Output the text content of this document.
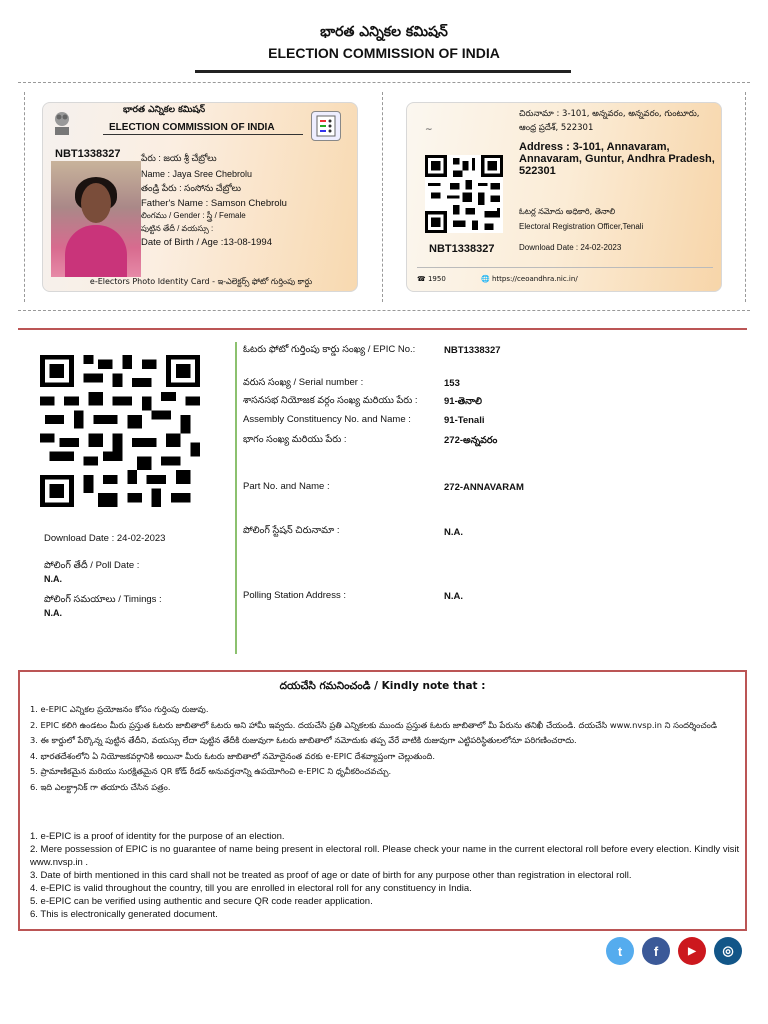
భారత ఎన్నికల కమిషన్
ELECTION COMMISSION OF INDIA
భారత ఎన్నికల కమిషన్
ELECTION COMMISSION OF INDIA
NBT1338327 పేరు : జయ శ్రీ చేబ్రోలు
Name : Jaya Sree Chebrolu
తండ్రి పేరు : సంసోను చేబ్రోలు
Father's Name : Samson Chebrolu
లింగము / Gender : స్త్రీ / Female
పుట్టిన తేదీ / వయస్సు :
Date of Birth / Age :13-08-1994
e-Electors Photo Identity Card - ఇ-ఎలెక్టర్స్ ఫోటో గుర్తింపు కార్డు
~
చిరునామా : 3-101, అన్నవరం, అన్నవరం, గుంటూరు, ఆంధ్ర ప్రదేశ్, 522301
Address : 3-101, Annavaram, Annavaram, Guntur, Andhra Pradesh, 522301
ఓటర్ల నమోదు అధికారి, తెనాలి
Electoral Registration Officer,Tenali
Download Date : 24-02-2023
NBT1338327
☎ 1950	🌐 https://ceoandhra.nic.in/
Download Date : 24-02-2023
పోలింగ్ తేదీ / Poll Date :
N.A.
పోలింగ్ సమయాలు / Timings :
N.A.
ఓటరు ఫోటో గుర్తింపు కార్డు సంఖ్య / EPIC No.:	NBT1338327
వరుస సంఖ్య / Serial number :	153
శాసనసభ నియోజక వర్గం సంఖ్య మరియు పేరు :	91-తెనాలి
Assembly Constituency No. and Name :	91-Tenali
భాగం సంఖ్య మరియు పేరు :	272-అన్నవరం
Part No. and Name :	272-ANNAVARAM
పోలింగ్ స్టేషన్ చిరునామా :	N.A.
Polling Station Address :	N.A.
దయచేసి గమనించండి / Kindly note that :
1. e-EPIC ఎన్నికల ప్రయోజనం కోసం గుర్తింపు రుజువు.
2. EPIC కలిగి ఉండటం మీరు ప్రస్తుత ఓటరు జాబితాలో ఓటరు అని హామీ ఇవ్వదు. దయచేసి ప్రతి ఎన్నికలకు ముందు ప్రస్తుత ఓటరు జాబితాలో మీ పేరును తనిఖీ చేయండి. దయచేసి www.nvsp.in ని సందర్శించండి
3. ఈ కార్డులో పేర్కొన్న పుట్టిన తేదీని, వయస్సు లేదా పుట్టిన తేదీకి రుజువుగా ఓటరు జాబితాలో నమోదుకు తప్ప వేరే వాటికి రుజువుగా ఎట్టిపరిస్థితులలోనూ పరిగణించరాదు.
4. భారతదేశంలోని ఏ నియోజకవర్గానికి అయినా మీరు ఓటరు జాబితాలో నమోదైనంత వరకు e-EPIC దేశవ్యాప్తంగా చెల్లుతుంది.
5. ప్రామాణికమైన మరియు సురక్షితమైన QR కోడ్ రీడర్ అనువర్తనాన్ని ఉపయోగించి e-EPIC ని ధృవీకరించవచ్చు.
6. ఇది ఎలక్ట్రానిక్ గా తయారు చేసిన పత్రం.
1. e-EPIC is a proof of identity for the purpose of an election.
2. Mere possession of EPIC is no guarantee of name being present in electoral roll. Please check your name in the current electoral roll before every election. Kindly visit www.nvsp.in .
3. Date of birth mentioned in this card shall not be treated as proof of age or date of birth for any purpose other than registration in electoral roll.
4. e-EPIC is valid throughout the country, till you are enrolled in electoral roll for any constituency in India.
5. e-EPIC can be verified using authentic and secure QR code reader application.
6. This is electronically generated document.
t	f	▶	◎
